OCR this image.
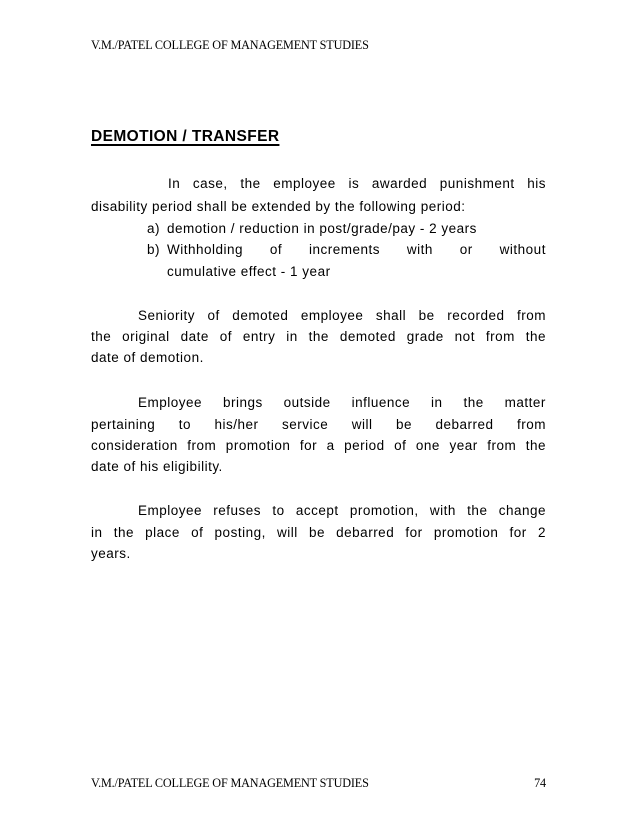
V.M./PATEL COLLEGE OF MANAGEMENT STUDIES
DEMOTION / TRANSFER
In case, the employee is awarded punishment his
disability period shall be extended by the following period:
a) demotion / reduction in post/grade/pay - 2 years
b) Withholding of increments with or without
cumulative effect - 1 year
Seniority of demoted employee shall be recorded from
the original date of entry in the demoted grade not from the
date of demotion.
Employee brings outside influence in the matter
pertaining to his/her service will be debarred from
consideration from promotion for a period of one year from the
date of his eligibility.
Employee refuses to accept promotion, with the change
in the place of posting, will be debarred for promotion for 2
years.
V.M./PATEL COLLEGE OF MANAGEMENT STUDIES	74
